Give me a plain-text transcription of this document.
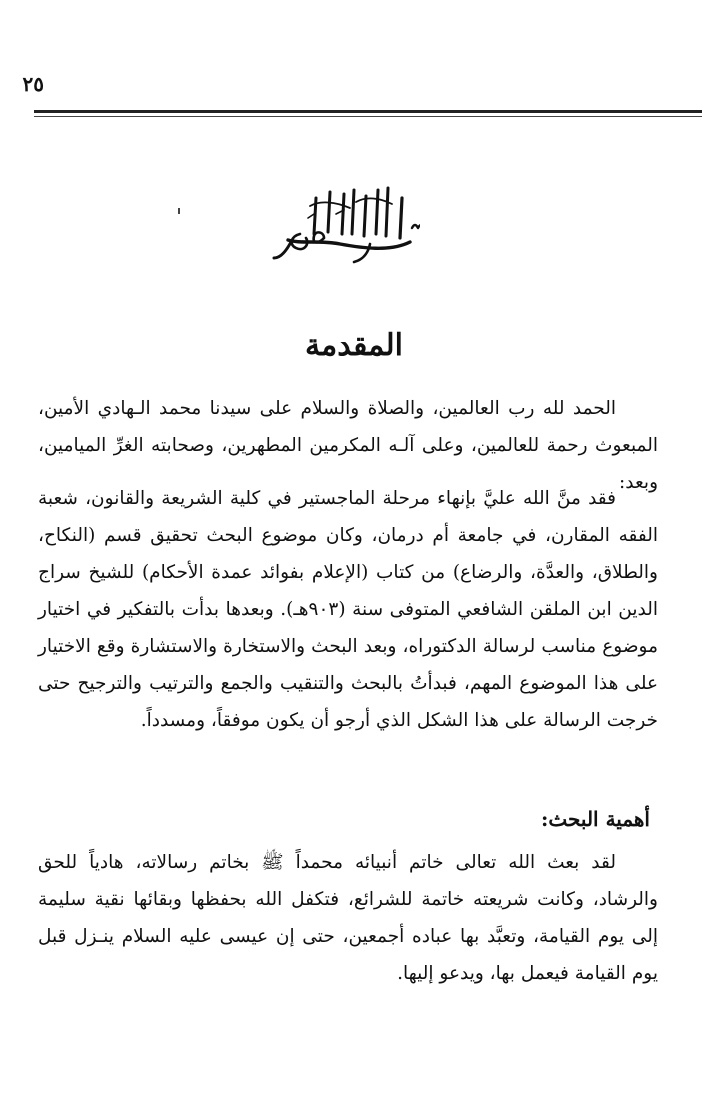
٢٥
المقدمة
الحمد لله رب العالمين، والصلاة والسلام على سيدنا محمد الـهادي الأمين، المبعوث رحمة للعالمين، وعلى آلـه المكرمين المطهرين، وصحابته الغرِّ الميامين، وبعد:
فقد منَّ الله عليَّ بإنهاء مرحلة الماجستير في كلية الشريعة والقانون، شعبة الفقه المقارن، في جامعة أم درمان، وكان موضوع البحث تحقيق قسم (النكاح، والطلاق، والعدَّة، والرضاع) من كتاب (الإعلام بفوائد عمدة الأحكام) للشيخ سراج الدين ابن الملقن الشافعي المتوفى سنة (٩٠٣هـ). وبعدها بدأت بالتفكير في اختيار موضوع مناسب لرسالة الدكتوراه، وبعد البحث والاستخارة والاستشارة وقع الاختيار على هذا الموضوع المهم، فبدأتُ بالبحث والتنقيب والجمع والترتيب والترجيح حتى خرجت الرسالة على هذا الشكل الذي أرجو أن يكون موفقاً، ومسدداً.
أهمية البحث:
لقد بعث الله تعالى خاتم أنبيائه محمداً ﷺ بخاتم رسالاته، هادياً للحق والرشاد، وكانت شريعته خاتمة للشرائع، فتكفل الله بحفظها وبقائها نقية سليمة إلى يوم القيامة، وتعبَّد بها عباده أجمعين، حتى إن عيسى عليه السلام ينـزل قبل يوم القيامة فيعمل بها، ويدعو إليها.
